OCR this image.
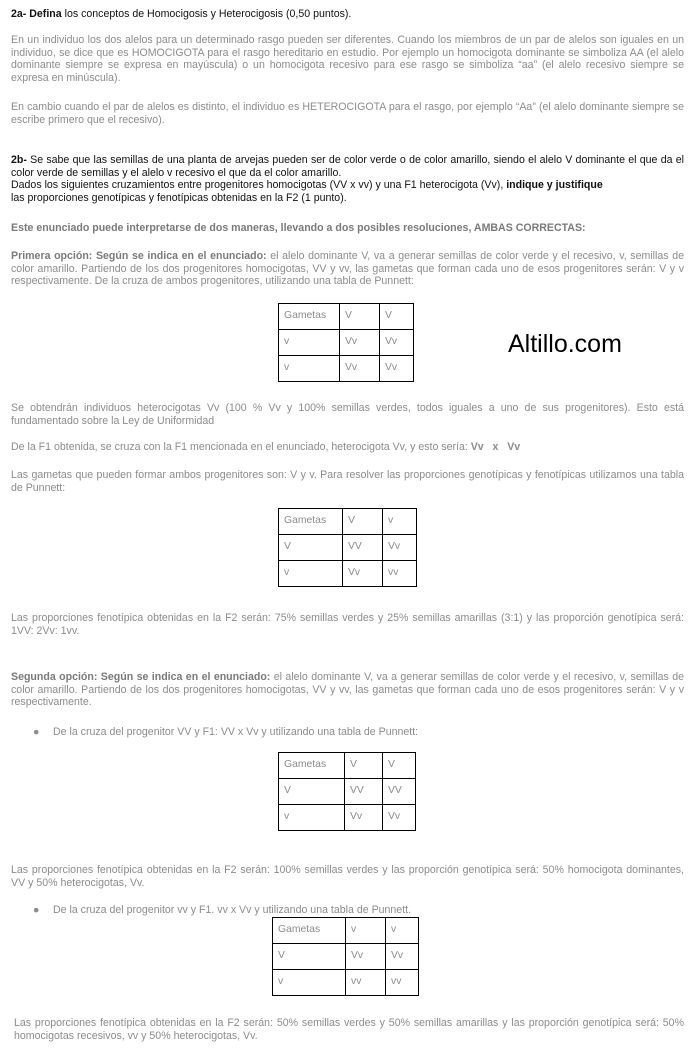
2a- Defina los conceptos de Homocigosis y Heterocigosis (0,50 puntos).

En un individuo los dos alelos para un determinado rasgo pueden ser diferentes. Cuando los miembros de un par de alelos son iguales en un individuo, se dice que es HOMOCIGOTA para el rasgo hereditario en estudio. Por ejemplo un homocigota dominante se simboliza AA (el alelo dominante siempre se expresa en mayúscula) o un homocigota recesivo para ese rasgo se simboliza “aa” (el alelo recesivo siempre se expresa en minúscula).

En cambio cuando el par de alelos es distinto, el individuo es HETEROCIGOTA para el rasgo, por ejemplo “Aa” (el alelo dominante siempre se escribe primero que el recesivo).

2b- Se sabe que las semillas de una planta de arvejas pueden ser de color verde o de color amarillo, siendo el alelo V dominante el que da el color verde de semillas y el alelo v recesivo el que da el color amarillo.
Dados los siguientes cruzamientos entre progenitores homocigotas (VV x vv) y una F1 heterocigota (Vv), indique y justifique
las proporciones genotípicas y fenotípicas obtenidas en la F2 (1 punto).
Este enunciado puede interpretarse de dos maneras, llevando a dos posibles resoluciones, AMBAS CORRECTAS:

Primera opción: Según se indica en el enunciado: el alelo dominante V, va a generar semillas de color verde y el recesivo, v, semillas de color amarillo. Partiendo de los dos progenitores homocigotas, VV y vv, las gametas que forman cada uno de esos progenitores serán: V y v respectivamente. De la cruza de ambos progenitores, utilizando una tabla de Punnett:

Gametas	V	V
v	Vv	Vv
v	Vv	Vv
Altillo.com

Se obtendrán individuos heterocigotas Vv (100 % Vv y 100% semillas verdes, todos iguales a uno de sus progenitores). Esto está fundamentado sobre la Ley de Uniformidad

De la F1 obtenida, se cruza con la F1 mencionada en el enunciado, heterocigota Vv, y esto sería: Vv   x   Vv

Las gametas que pueden formar ambos progenitores son: V y v. Para resolver las proporciones genotípicas y fenotípicas utilizamos una tabla de Punnett:

Gametas	V	v
V	VV	Vv
v	Vv	vv

Las proporciones fenotípica obtenidas en la F2 serán: 75% semillas verdes y 25% semillas amarillas (3:1) y las proporción genotípica será: 1VV: 2Vv: 1vv.

Segunda opción: Según se indica en el enunciado: el alelo dominante V, va a generar semillas de color verde y el recesivo, v, semillas de color amarillo. Partiendo de los dos progenitores homocigotas, VV y vv, las gametas que forman cada uno de esos progenitores serán: V y v respectivamente.

● De la cruza del progenitor VV y F1: VV x Vv y utilizando una tabla de Punnett:
Gametas	V	V
V	VV	VV
v	Vv	Vv

Las proporciones fenotípica obtenidas en la F2 serán: 100% semillas verdes y las proporción genotípica será: 50% homocigota dominantes, VV y 50% heterocigotas, Vv.

● De la cruza del progenitor vv y F1. vv x Vv y utilizando una tabla de Punnett.
Gametas	v	v
V	Vv	Vv
v	vv	vv

Las proporciones fenotípica obtenidas en la F2 serán: 50% semillas verdes y 50% semillas amarillas y las proporción genotípica será: 50% homocigotas recesivos, vv y 50% heterocigotas, Vv.
